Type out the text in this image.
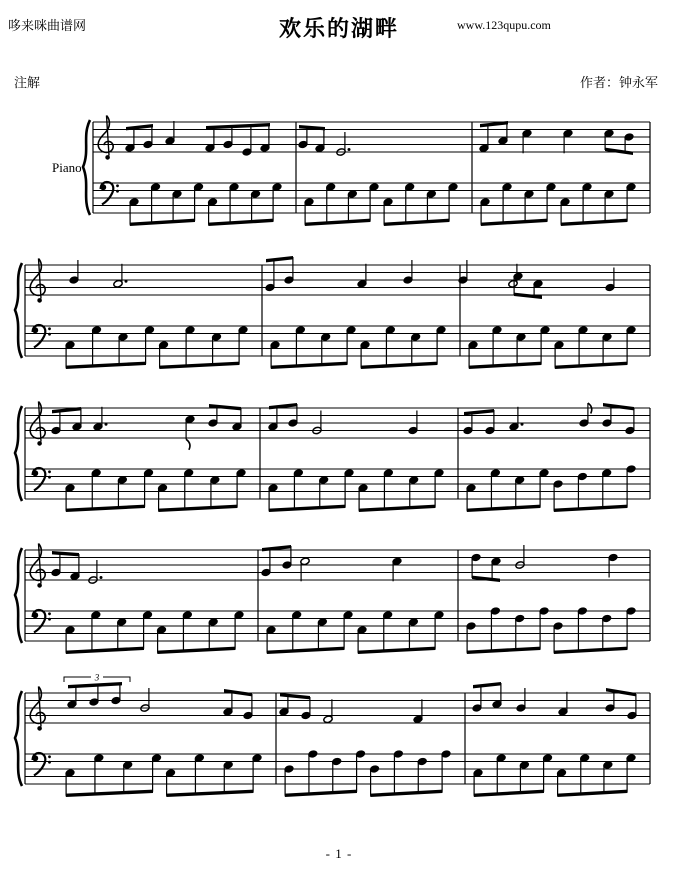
哆来咪曲谱网	欢乐的湖畔	www.123qupu.com
注解	作者：钟永军
3
Piano
- 1 -
